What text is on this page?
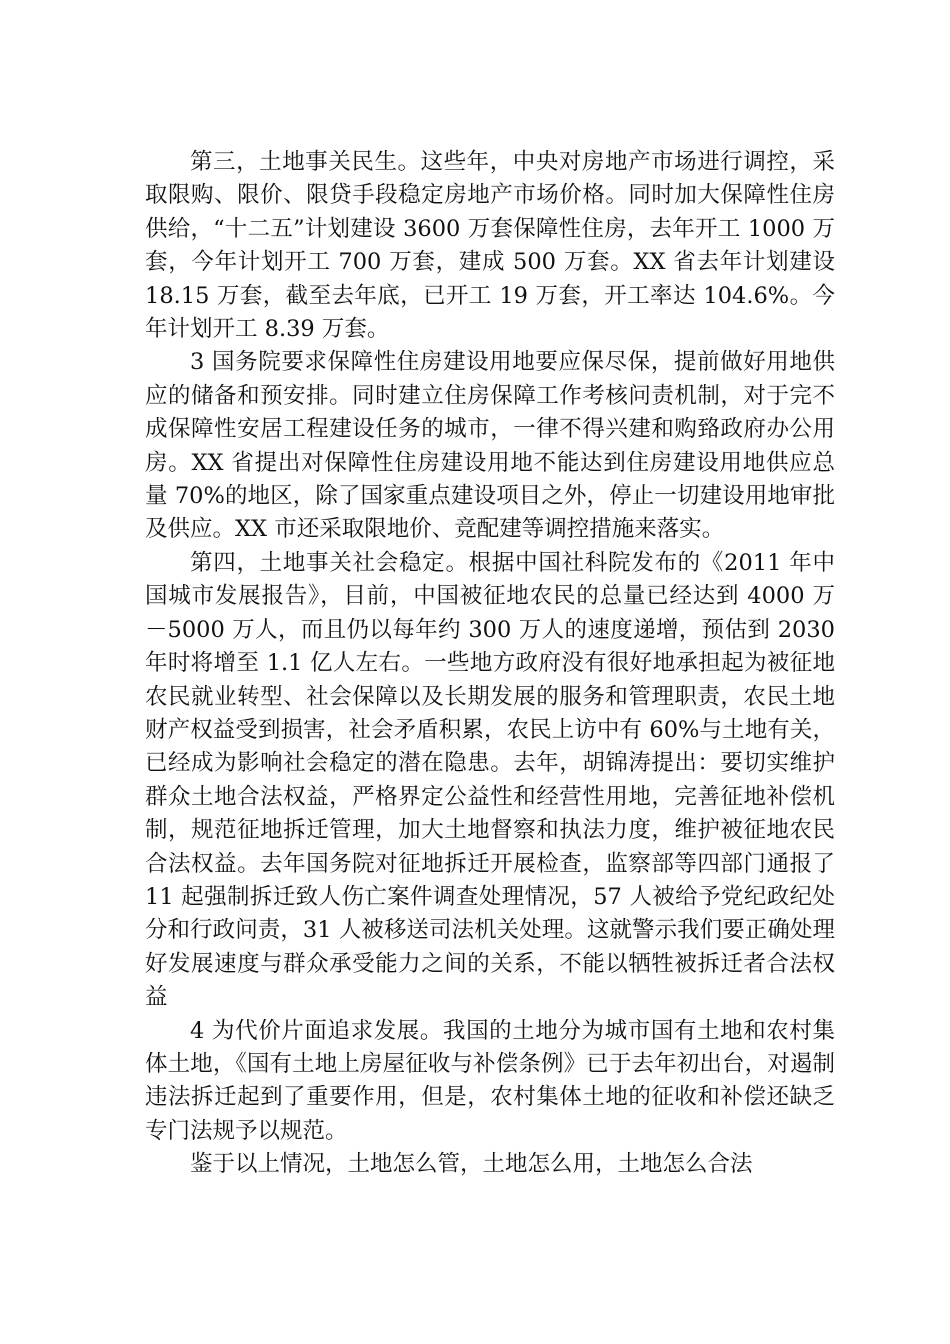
第三，土地事关民生。这些年，中央对房地产市场进行调控，采取限购、限价、限贷手段稳定房地产市场价格。同时加大保障性住房供给，“十二五”计划建设 3600 万套保障性住房，去年开工 1000 万套，今年计划开工 700 万套，建成 500 万套。XX 省去年计划建设 18.15 万套，截至去年底，已开工 19 万套，开工率达 104.6%。今年计划开工 8.39 万套。

3 国务院要求保障性住房建设用地要应保尽保，提前做好用地供应的储备和预安排。同时建立住房保障工作考核问责机制，对于完不成保障性安居工程建设任务的城市，一律不得兴建和购臵政府办公用房。XX 省提出对保障性住房建设用地不能达到住房建设用地供应总量 70%的地区，除了国家重点建设项目之外，停止一切建设用地审批及供应。XX 市还采取限地价、竞配建等调控措施来落实。

第四，土地事关社会稳定。根据中国社科院发布的《2011 年中国城市发展报告》，目前，中国被征地农民的总量已经达到 4000 万－5000 万人，而且仍以每年约 300 万人的速度递增，预估到 2030 年时将增至 1.1 亿人左右。一些地方政府没有很好地承担起为被征地农民就业转型、社会保障以及长期发展的服务和管理职责，农民土地财产权益受到损害，社会矛盾积累，农民上访中有 60%与土地有关，已经成为影响社会稳定的潜在隐患。去年，胡锦涛提出：要切实维护群众土地合法权益，严格界定公益性和经营性用地，完善征地补偿机制，规范征地拆迁管理，加大土地督察和执法力度，维护被征地农民合法权益。去年国务院对征地拆迁开展检查，监察部等四部门通报了 11 起强制拆迁致人伤亡案件调查处理情况，57 人被给予党纪政纪处分和行政问责，31 人被移送司法机关处理。这就警示我们要正确处理好发展速度与群众承受能力之间的关系，不能以牺牲被拆迁者合法权益

4 为代价片面追求发展。我国的土地分为城市国有土地和农村集体土地，《国有土地上房屋征收与补偿条例》已于去年初出台，对遏制违法拆迁起到了重要作用，但是，农村集体土地的征收和补偿还缺乏专门法规予以规范。

鉴于以上情况，土地怎么管，土地怎么用，土地怎么合法
